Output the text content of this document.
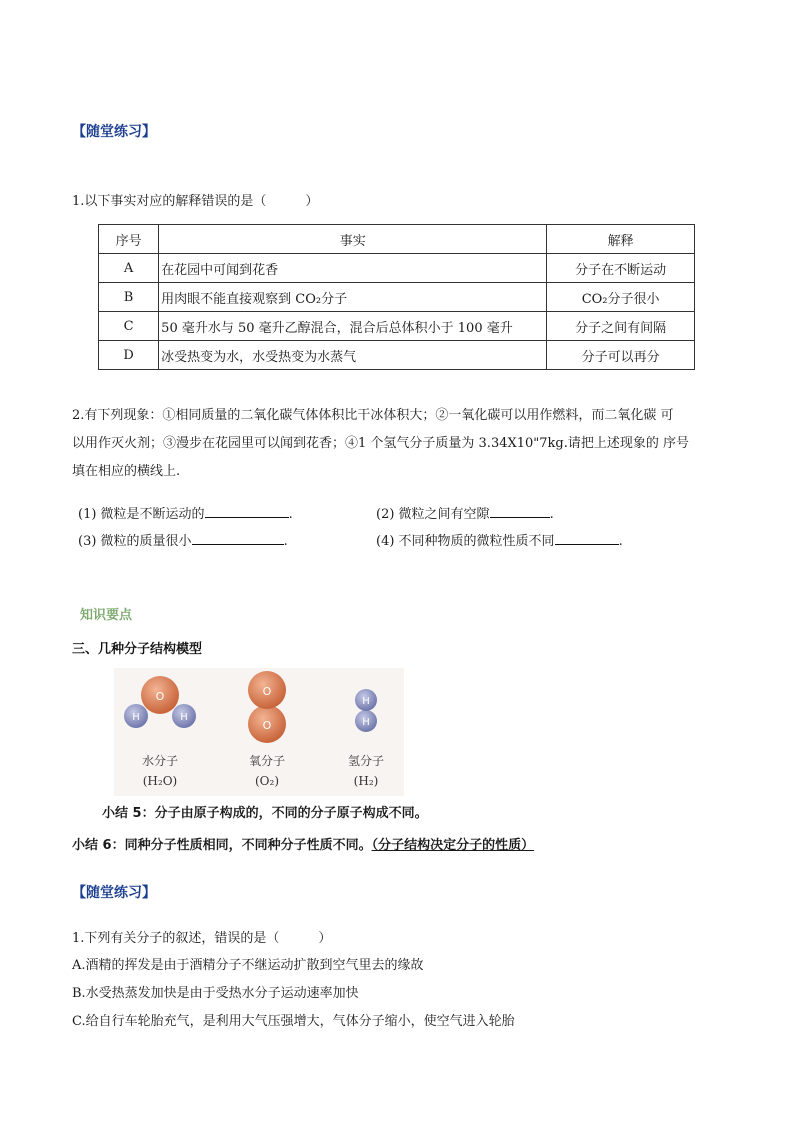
【随堂练习】
1.以下事实对应的解释错误的是（　　　）
序号	事实	解释
A	在花园中可闻到花香	分子在不断运动
B	用肉眼不能直接观察到 CO₂分子	CO₂分子很小
C	50 毫升水与 50 毫升乙醇混合，混合后总体积小于 100 毫升	分子之间有间隔
D	冰受热变为水，水受热变为水蒸气	分子可以再分
2.有下列现象：①相同质量的二氧化碳气体体积比干冰体积大；②一氧化碳可以用作燃料，而二氧化碳 可
以用作灭火剂；③漫步在花园里可以闻到花香；④1 个氢气分子质量为 3.34X10"7kg.请把上述现象的 序号
填在相应的横线上.
(1) 微粒是不断运动的	.	(2) 微粒之间有空隙	.
(3) 微粒的质量很小	.	(4) 不同种物质的微粒性质不同	.
知识要点
三、几种分子结构模型
O
H	H
O
O
H
H
水分子	氧分子	氢分子
(H₂O)	(O₂)	(H₂)
小结 5：分子由原子构成的，不同的分子原子构成不同。
小结 6：同种分子性质相同，不同种分子性质不同。（分子结构决定分子的性质）
【随堂练习】
1.下列有关分子的叙述，错误的是（　　　）
A.酒精的挥发是由于酒精分子不继运动扩散到空气里去的缘故
B.水受热蒸发加快是由于受热水分子运动速率加快
C.给自行车轮胎充气，是利用大气压强增大，气体分子缩小，使空气进入轮胎
